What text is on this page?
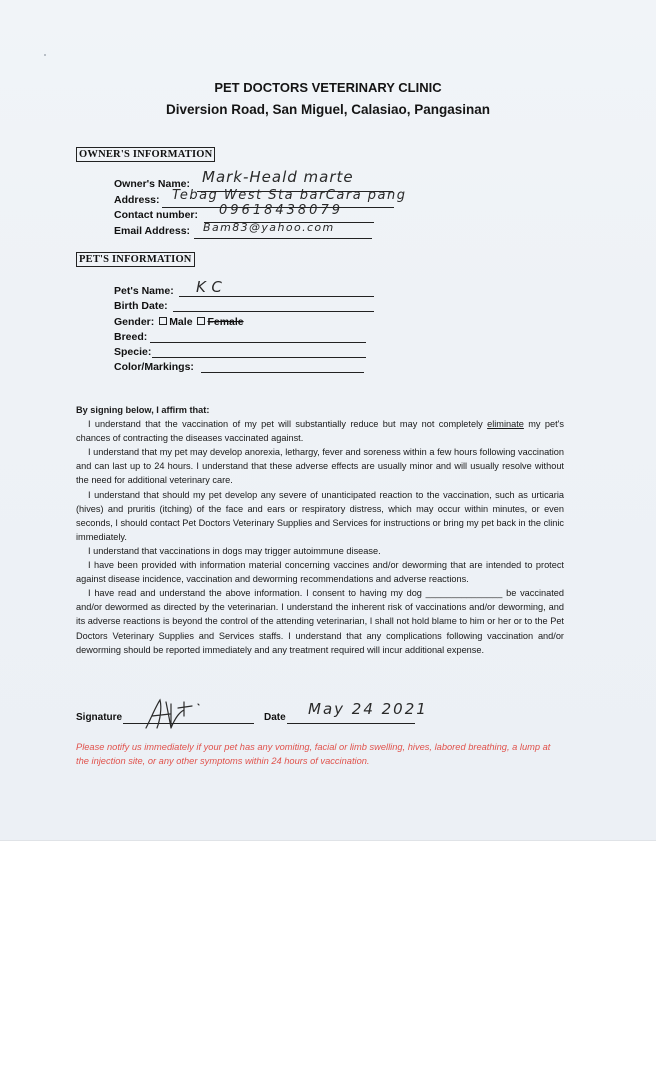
PET DOCTORS VETERINARY CLINIC
Diversion Road, San Miguel, Calasiao, Pangasinan
OWNER'S INFORMATION
Owner's Name: Mark-Heald marte
Address: Tebag West Sta barCara pang
Contact number: 09618438079
Email Address: Bam83@yahoo.com
PET'S INFORMATION
Pet's Name: KC
Birth Date:
Gender: Male Female
Breed:
Specie:
Color/Markings:

By signing below, I affirm that:

I understand that the vaccination of my pet will substantially reduce but may not completely eliminate my pet's chances of contracting the diseases vaccinated against.

I understand that my pet may develop anorexia, lethargy, fever and soreness within a few hours following vaccination and can last up to 24 hours. I understand that these adverse effects are usually minor and will usually resolve without the need for additional veterinary care.

I understand that should my pet develop any severe of unanticipated reaction to the vaccination, such as urticaria (hives) and pruritis (itching) of the face and ears or respiratory distress, which may occur within minutes, or even seconds, I should contact Pet Doctors Veterinary Supplies and Services for instructions or bring my pet back in the clinic immediately.

I understand that vaccinations in dogs may trigger autoimmune disease.

I have been provided with information material concerning vaccines and/or deworming that are intended to protect against disease incidence, vaccination and deworming recommendations and adverse reactions.

I have read and understand the above information. I consent to having my dog _______________ be vaccinated and/or dewormed as directed by the veterinarian. I understand the inherent risk of vaccinations and/or deworming, and its adverse reactions is beyond the control of the attending veterinarian, I shall not hold blame to him or her or to the Pet Doctors Veterinary Supplies and Services staffs. I understand that any complications following vaccination and/or deworming should be reported immediately and any treatment required will incur additional expense.

Signature	Date May 24 2021
Please notify us immediately if your pet has any vomiting, facial or limb swelling, hives, labored breathing, a lump at the injection site, or any other symptoms within 24 hours of vaccination.
